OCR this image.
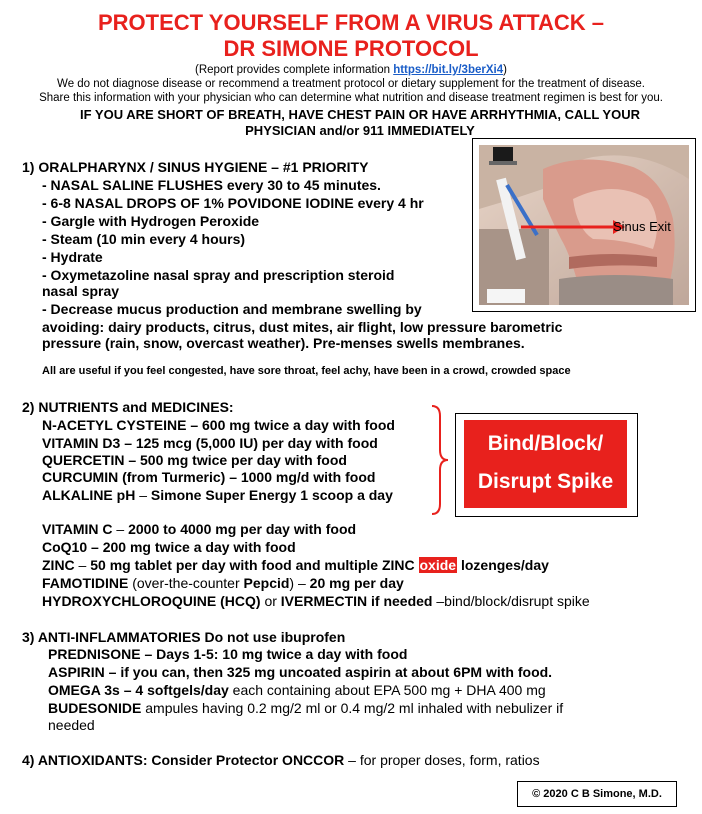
PROTECT YOURSELF FROM A VIRUS ATTACK –
DR SIMONE PROTOCOL
(Report provides complete information https://bit.ly/3berXi4)
We do not diagnose disease or recommend a treatment protocol or dietary supplement for the treatment of disease.
Share this information with your physician who can determine what nutrition and disease treatment regimen is best for you.
IF YOU ARE SHORT OF BREATH, HAVE CHEST PAIN OR HAVE ARRHYTHMIA, CALL YOUR
PHYSICIAN and/or 911 IMMEDIATELY
1) ORALPHARYNX / SINUS HYGIENE – #1 PRIORITY
- NASAL SALINE FLUSHES every 30 to 45 minutes.
- 6-8 NASAL DROPS OF 1% POVIDONE IODINE every 4 hr
- Gargle with Hydrogen Peroxide
- Steam (10 min every 4 hours)
- Hydrate
- Oxymetazoline nasal spray and prescription steroid
nasal spray
- Decrease mucus production and membrane swelling by
avoiding: dairy products, citrus, dust mites, air flight, low pressure barometric
pressure (rain, snow, overcast weather). Pre-menses swells membranes.
All are useful if you feel congested, have sore throat, feel achy, have been in a crowd, crowded space
Sinus Exit
2) NUTRIENTS and MEDICINES:
N-ACETYL CYSTEINE – 600 mg twice a day with food
VITAMIN D3 – 125 mcg (5,000 IU) per day with food
QUERCETIN – 500 mg twice per day with food
CURCUMIN (from Turmeric) – 1000 mg/d with food
ALKALINE pH – Simone Super Energy 1 scoop a day
Bind/Block/
Disrupt Spike
VITAMIN C – 2000 to 4000 mg per day with food
CoQ10 – 200 mg twice a day with food
ZINC – 50 mg tablet per day with food and multiple ZINC oxide lozenges/day
FAMOTIDINE (over-the-counter Pepcid) – 20 mg per day
HYDROXYCHLOROQUINE (HCQ) or IVERMECTIN if needed –bind/block/disrupt spike
3) ANTI-INFLAMMATORIES Do not use ibuprofen
PREDNISONE – Days 1-5: 10 mg twice a day with food
ASPIRIN – if you can, then 325 mg uncoated aspirin at about 6PM with food.
OMEGA 3s – 4 softgels/day each containing about EPA 500 mg + DHA 400 mg
BUDESONIDE ampules having 0.2 mg/2 ml or 0.4 mg/2 ml inhaled with nebulizer if
needed
4) ANTIOXIDANTS: Consider Protector ONCCOR – for proper doses, form, ratios
© 2020 C B Simone, M.D.
